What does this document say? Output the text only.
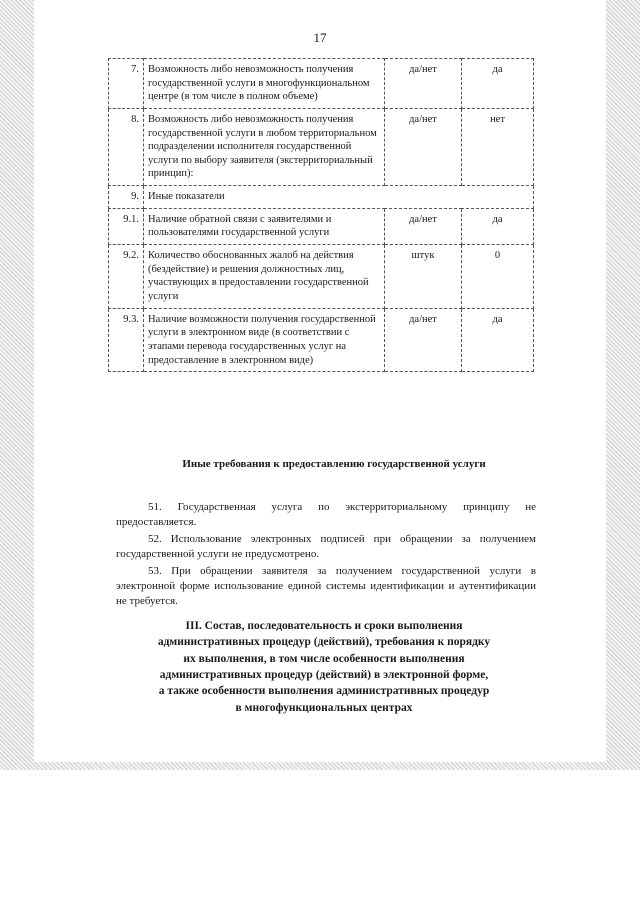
17
7.	Возможность либо невозможность получения государственной услуги в многофункциональном центре (в том числе в полном объеме)	да/нет	да
8.	Возможность либо невозможность получения государственной услуги в любом территориальном подразделении исполнителя государственной услуги по выбору заявителя (экстерриториальный принцип):	да/нет	нет
9.	Иные показатели		
9.1.	Наличие обратной связи с заявителями и пользователями государственной услуги	да/нет	да
9.2.	Количество обоснованных жалоб на действия (бездействие) и решения должностных лиц, участвующих в предоставлении государственной услуги	штук	0
9.3.	Наличие возможности получения государственной услуги в электронном виде (в соответствии с этапами перевода государственных услуг на предоставление в электронном виде)	да/нет	да
Иные требования к предоставлению государственной услуги

51. Государственная услуга по экстерриториальному принципу не предоставляется.

52. Использование электронных подписей при обращении за получением государственной услуги не предусмотрено.

53. При обращении заявителя за получением государственной услуги в электронной форме использование единой системы идентификации и аутентификации не требуется.

III. Состав, последовательность и сроки выполнения
административных процедур (действий), требования к порядку
их выполнения, в том числе особенности выполнения
административных процедур (действий) в электронной форме,
а также особенности выполнения административных процедур
в многофункциональных центрах
